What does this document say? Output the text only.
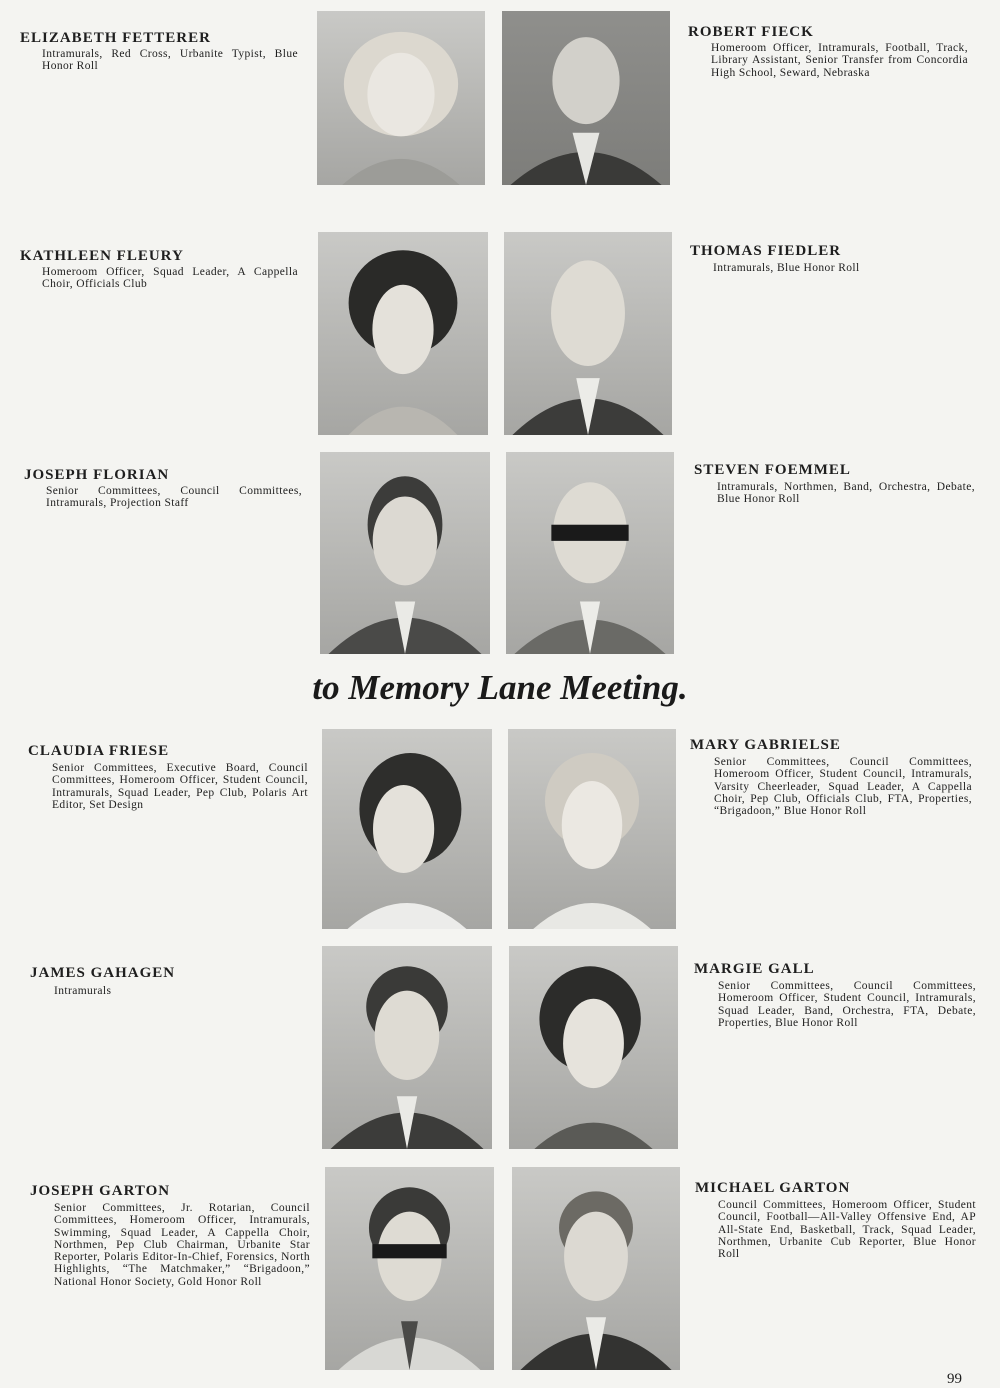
ELIZABETH FETTERER

Intramurals, Red Cross, Urbanite Typist, Blue Honor Roll

ROBERT FIECK

Homeroom Officer, Intramurals, Football, Track, Library Assistant, Senior Transfer from Concordia High School, Seward, Nebraska

KATHLEEN FLEURY

Homeroom Officer, Squad Leader, A Cappella Choir, Officials Club

THOMAS FIEDLER

Intramurals, Blue Honor Roll

JOSEPH FLORIAN

Senior Committees, Council Committees, Intramurals, Projection Staff

STEVEN FOEMMEL

Intramurals, Northmen, Band, Orchestra, Debate, Blue Honor Roll

to Memory Lane Meeting.
CLAUDIA FRIESE

Senior Committees, Executive Board, Council Committees, Homeroom Officer, Student Council, Intramurals, Squad Leader, Pep Club, Polaris Art Editor, Set Design

MARY GABRIELSE

Senior Committees, Council Committees, Homeroom Officer, Student Council, Intramurals, Varsity Cheerleader, Squad Leader, A Cappella Choir, Pep Club, Officials Club, FTA, Properties, “Brigadoon,” Blue Honor Roll

JAMES GAHAGEN

Intramurals

MARGIE GALL

Senior Committees, Council Committees, Homeroom Officer, Student Council, Intramurals, Squad Leader, Band, Orchestra, FTA, Debate, Properties, Blue Honor Roll

JOSEPH GARTON

Senior Committees, Jr. Rotarian, Council Committees, Homeroom Officer, Intramurals, Swimming, Squad Leader, A Cappella Choir, Northmen, Pep Club Chairman, Urbanite Star Reporter, Polaris Editor-In-Chief, Forensics, North Highlights, “The Matchmaker,” “Brigadoon,” National Honor Society, Gold Honor Roll

MICHAEL GARTON

Council Committees, Homeroom Officer, Student Council, Football—All-Valley Offensive End, AP All-State End, Basketball, Track, Squad Leader, Northmen, Urbanite Cub Reporter, Blue Honor Roll

99
